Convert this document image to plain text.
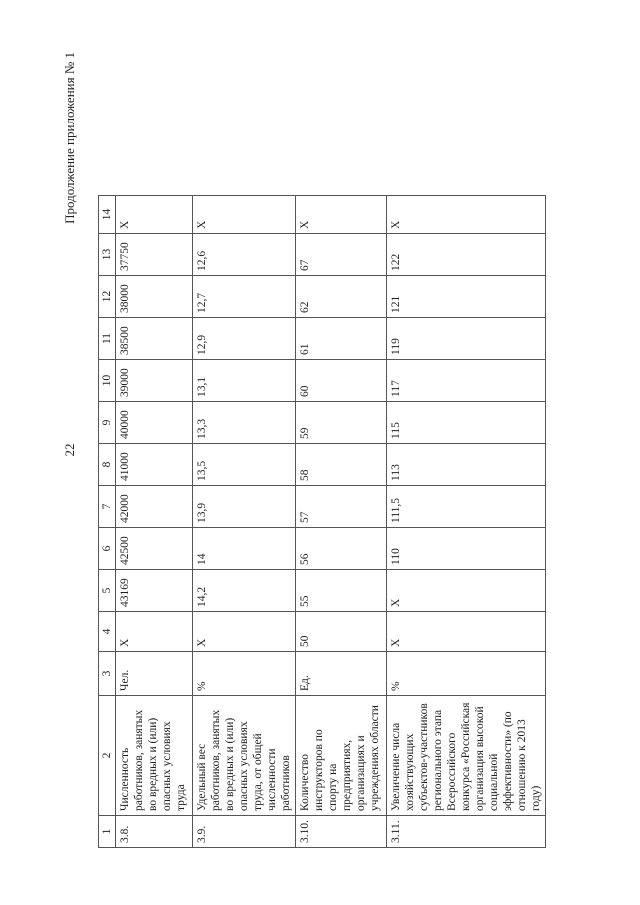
22
Продолжение приложения № 1
1	2	3	4	5	6	7	8	9	10	11	12	13	14
3.8.	Численность работников, занятых во вредных и (или) опасных условиях труда	Чел.	X	43169	42500	42000	41000	40000	39000	38500	38000	37750	X
3.9.	Удельный вес работников, занятых во вредных и (или) опасных условиях труда, от общей численности работников	%	X	14,2	14	13,9	13,5	13,3	13,1	12,9	12,7	12,6	X
3.10.	Количество инструкторов по спорту на предприятиях, организациях и учреждениях области	Ед.	50	55	56	57	58	59	60	61	62	67	X
3.11.	Увеличение числа хозяйствующих субъектов-участников регионального этапа Всероссийского конкурса «Российская организация высокой социальной эффективности» (по отношению к 2013 году)	%	X	X	110	111,5	113	115	117	119	121	122	X
